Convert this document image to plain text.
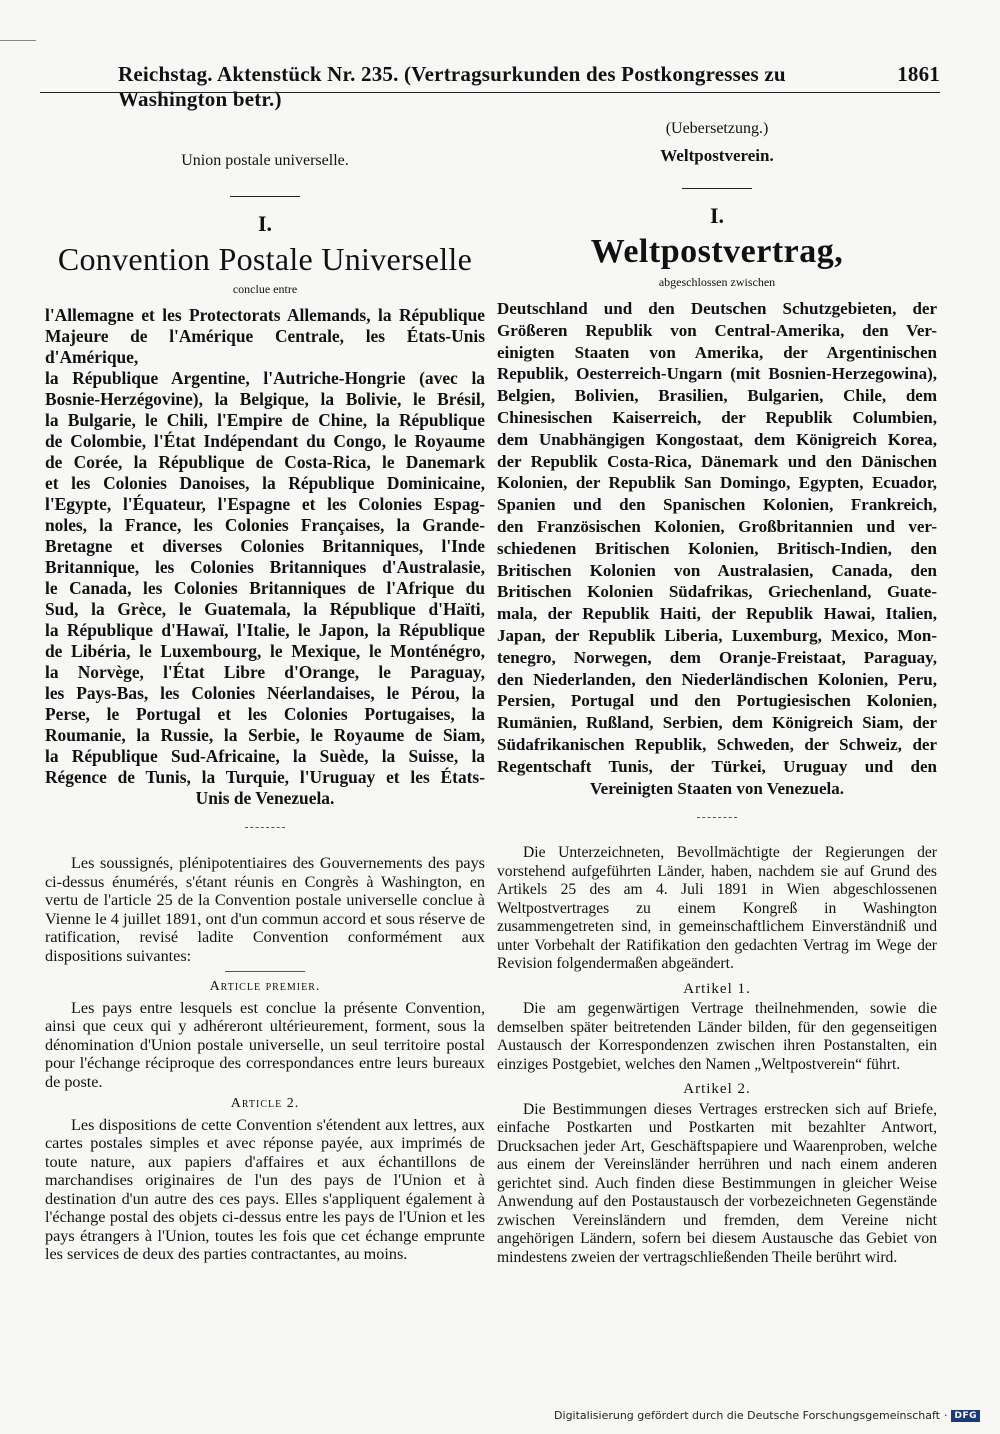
Reichstag. Aktenstück Nr. 235. (Vertragsurkunden des Postkongresses zu Washington betr.)
1861

Union postale universelle.

I.

Convention Postale Universelle

conclue entre

l'Allemagne et les Protectorats Allemands, la République
Majeure de l'Amérique Centrale, les États-Unis d'Amérique,
la République Argentine, l'Autriche-Hongrie (avec la
Bosnie-Herzégovine), la Belgique, la Bolivie, le Brésil,
la Bulgarie, le Chili, l'Empire de Chine, la République
de Colombie, l'État Indépendant du Congo, le Royaume
de Corée, la République de Costa-Rica, le Danemark
et les Colonies Danoises, la République Dominicaine,
l'Egypte, l'Équateur, l'Espagne et les Colonies Espag-
noles, la France, les Colonies Françaises, la Grande-
Bretagne et diverses Colonies Britanniques, l'Inde
Britannique, les Colonies Britanniques d'Australasie,
le Canada, les Colonies Britanniques de l'Afrique du
Sud, la Grèce, le Guatemala, la République d'Haïti,
la République d'Hawaï, l'Italie, le Japon, la République
de Libéria, le Luxembourg, le Mexique, le Monténégro,
la Norvège, l'État Libre d'Orange, le Paraguay,
les Pays-Bas, les Colonies Néerlandaises, le Pérou, la
Perse, le Portugal et les Colonies Portugaises, la
Roumanie, la Russie, la Serbie, le Royaume de Siam,
la République Sud-Africaine, la Suède, la Suisse, la
Régence de Tunis, la Turquie, l'Uruguay et les États-
Unis de Venezuela.

Les soussignés, plénipotentiaires des Gouvernements des pays ci-dessus énumérés, s'étant réunis en Congrès à Washington, en vertu de l'article 25 de la Convention postale universelle conclue à Vienne le 4 juillet 1891, ont d'un commun accord et sous réserve de ratification, revisé ladite Convention conformément aux dispositions suivantes:

Article premier.

Les pays entre lesquels est conclue la présente Convention, ainsi que ceux qui y adhéreront ultérieurement, forment, sous la dénomination d'Union postale universelle, un seul territoire postal pour l'échange réciproque des correspondances entre leurs bureaux de poste.

Article 2.

Les dispositions de cette Convention s'étendent aux lettres, aux cartes postales simples et avec réponse payée, aux imprimés de toute nature, aux papiers d'affaires et aux échantillons de marchandises originaires de l'un des pays de l'Union et à destination d'un autre des ces pays. Elles s'appliquent également à l'échange postal des objets ci-dessus entre les pays de l'Union et les pays étrangers à l'Union, toutes les fois que cet échange emprunte les services de deux des parties contractantes, au moins.

(Uebersetzung.)

Weltpostverein.

I.

Weltpostvertrag,

abgeschlossen zwischen

Deutschland und den Deutschen Schutzgebieten, der
Größeren Republik von Central-Amerika, den Ver-
einigten Staaten von Amerika, der Argentinischen
Republik, Oesterreich-Ungarn (mit Bosnien-Herzegowina),
Belgien, Bolivien, Brasilien, Bulgarien, Chile, dem
Chinesischen Kaiserreich, der Republik Columbien,
dem Unabhängigen Kongostaat, dem Königreich Korea,
der Republik Costa-Rica, Dänemark und den Dänischen
Kolonien, der Republik San Domingo, Egypten, Ecuador,
Spanien und den Spanischen Kolonien, Frankreich,
den Französischen Kolonien, Großbritannien und ver-
schiedenen Britischen Kolonien, Britisch-Indien, den
Britischen Kolonien von Australasien, Canada, den
Britischen Kolonien Südafrikas, Griechenland, Guate-
mala, der Republik Haiti, der Republik Hawai, Italien,
Japan, der Republik Liberia, Luxemburg, Mexico, Mon-
tenegro, Norwegen, dem Oranje-Freistaat, Paraguay,
den Niederlanden, den Niederländischen Kolonien, Peru,
Persien, Portugal und den Portugiesischen Kolonien,
Rumänien, Rußland, Serbien, dem Königreich Siam, der
Südafrikanischen Republik, Schweden, der Schweiz, der
Regentschaft Tunis, der Türkei, Uruguay und den
Vereinigten Staaten von Venezuela.

Die Unterzeichneten, Bevollmächtigte der Regierungen der vorstehend aufgeführten Länder, haben, nachdem sie auf Grund des Artikels 25 des am 4. Juli 1891 in Wien abgeschlossenen Weltpostvertrages zu einem Kongreß in Washington zusammengetreten sind, in gemeinschaftlichem Einverständniß und unter Vorbehalt der Ratifikation den gedachten Vertrag im Wege der Revision folgendermaßen abgeändert.

Artikel 1.

Die am gegenwärtigen Vertrage theilnehmenden, sowie die demselben später beitretenden Länder bilden, für den gegenseitigen Austausch der Korrespondenzen zwischen ihren Postanstalten, ein einziges Postgebiet, welches den Namen „Weltpostverein“ führt.

Artikel 2.

Die Bestimmungen dieses Vertrages erstrecken sich auf Briefe, einfache Postkarten und Postkarten mit bezahlter Antwort, Drucksachen jeder Art, Geschäftspapiere und Waarenproben, welche aus einem der Vereinsländer herrühren und nach einem anderen gerichtet sind. Auch finden diese Bestimmungen in gleicher Weise Anwendung auf den Postaustausch der vorbezeichneten Gegenstände zwischen Vereinsländern und fremden, dem Vereine nicht angehörigen Ländern, sofern bei diesem Austausche das Gebiet von mindestens zweien der vertragschließenden Theile berührt wird.

Digitalisierung gefördert durch die Deutsche Forschungsgemeinschaft · DFG
